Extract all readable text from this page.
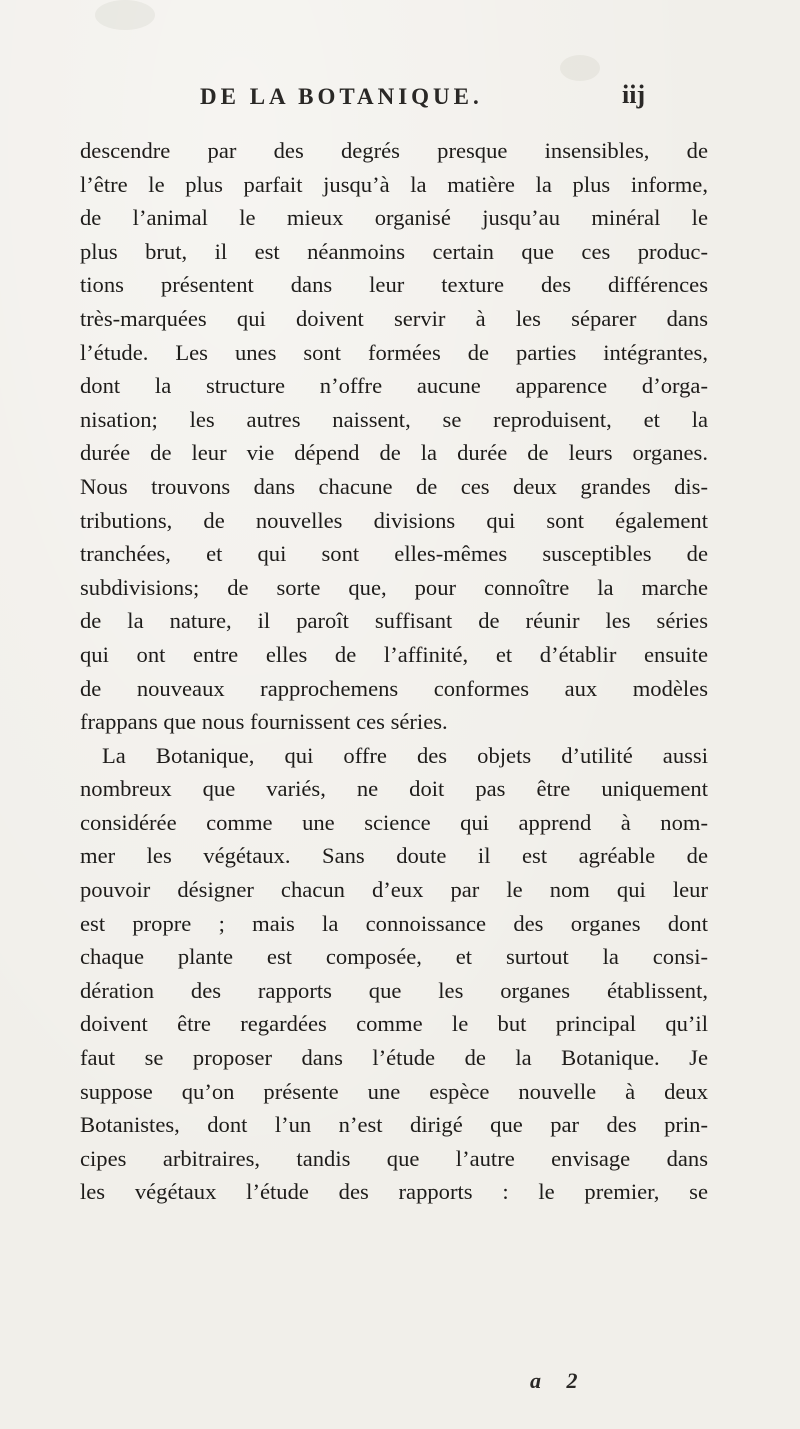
DE LA BOTANIQUE.	iij
descendre par des degrés presque insensibles, de
l’être le plus parfait jusqu’à la matière la plus informe,
de l’animal le mieux organisé jusqu’au minéral le
plus brut, il est néanmoins certain que ces produc-
tions présentent dans leur texture des différences
très-marquées qui doivent servir à les séparer dans
l’étude. Les unes sont formées de parties intégrantes,
dont la structure n’offre aucune apparence d’orga-
nisation; les autres naissent, se reproduisent, et la
durée de leur vie dépend de la durée de leurs organes.
Nous trouvons dans chacune de ces deux grandes dis-
tributions, de nouvelles divisions qui sont également
tranchées, et qui sont elles-mêmes susceptibles de
subdivisions; de sorte que, pour connoître la marche
de la nature, il paroît suffisant de réunir les séries
qui ont entre elles de l’affinité, et d’établir ensuite
de nouveaux rapprochemens conformes aux modèles
frappans que nous fournissent ces séries.
La Botanique, qui offre des objets d’utilité aussi
nombreux que variés, ne doit pas être uniquement
considérée comme une science qui apprend à nom-
mer les végétaux. Sans doute il est agréable de
pouvoir désigner chacun d’eux par le nom qui leur
est propre ; mais la connoissance des organes dont
chaque plante est composée, et surtout la consi-
dération des rapports que les organes établissent,
doivent être regardées comme le but principal qu’il
faut se proposer dans l’étude de la Botanique. Je
suppose qu’on présente une espèce nouvelle à deux
Botanistes, dont l’un n’est dirigé que par des prin-
cipes arbitraires, tandis que l’autre envisage dans
les végétaux l’étude des rapports : le premier, se
a 2
